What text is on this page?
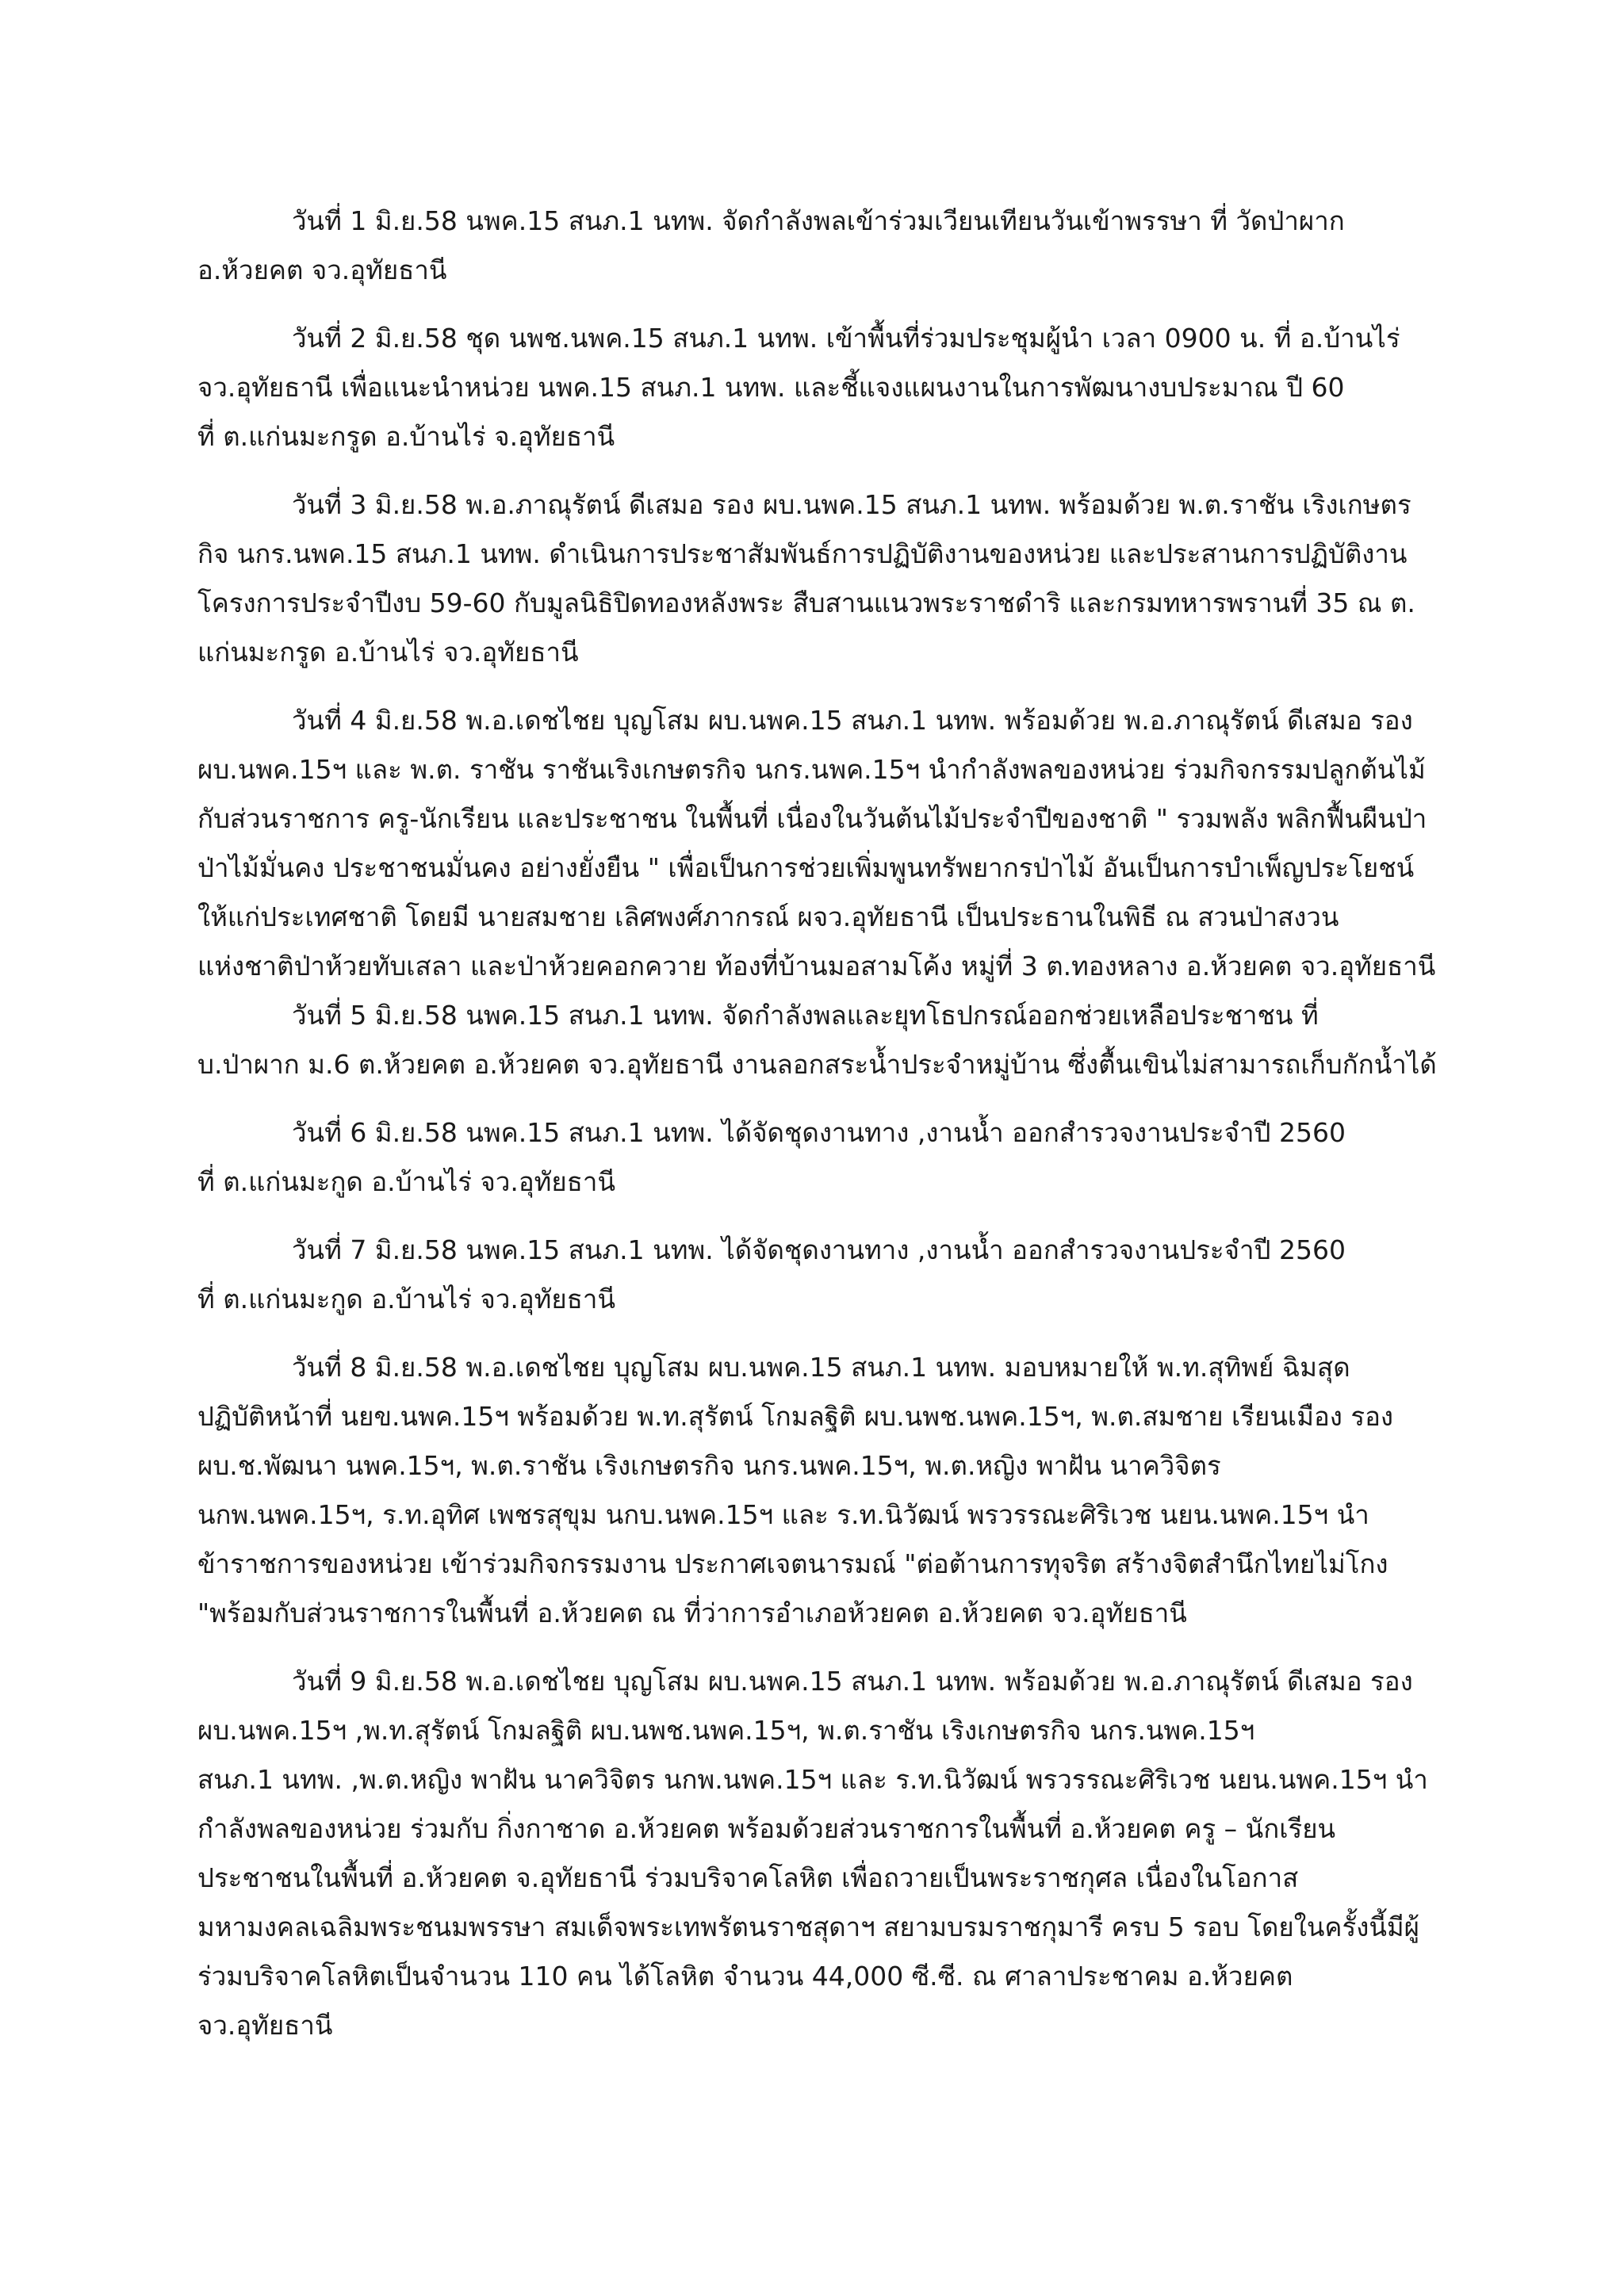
วันที่ 1 มิ.ย.58 นพค.15 สนภ.1 นทพ. จัดกำลังพลเข้าร่วมเวียนเทียนวันเข้าพรรษา ที่ วัดป่าผาก
อ.ห้วยคต จว.อุทัยธานี
วันที่ 2 มิ.ย.58 ชุด นพช.นพค.15 สนภ.1 นทพ. เข้าพื้นที่ร่วมประชุมผู้นำ เวลา 0900 น. ที่ อ.บ้านไร่
จว.อุทัยธานี เพื่อแนะนำหน่วย นพค.15 สนภ.1 นทพ. และชี้แจงแผนงานในการพัฒนางบประมาณ ปี 60
ที่ ต.แก่นมะกรูด อ.บ้านไร่ จ.อุทัยธานี
วันที่ 3 มิ.ย.58 พ.อ.ภาณุรัตน์ ดีเสมอ รอง ผบ.นพค.15 สนภ.1 นทพ. พร้อมด้วย พ.ต.ราชัน เริงเกษตร
กิจ นกร.นพค.15 สนภ.1 นทพ. ดำเนินการประชาสัมพันธ์การปฏิบัติงานของหน่วย และประสานการปฏิบัติงาน
โครงการประจำปีงบ 59-60 กับมูลนิธิปิดทองหลังพระ สืบสานแนวพระราชดำริ และกรมทหารพรานที่ 35 ณ ต.
แก่นมะกรูด อ.บ้านไร่ จว.อุทัยธานี
วันที่ 4 มิ.ย.58 พ.อ.เดชไชย บุญโสม ผบ.นพค.15 สนภ.1 นทพ. พร้อมด้วย พ.อ.ภาณุรัตน์ ดีเสมอ รอง
ผบ.นพค.15ฯ และ พ.ต. ราชัน ราชันเริงเกษตรกิจ นกร.นพค.15ฯ นำกำลังพลของหน่วย ร่วมกิจกรรมปลูกต้นไม้
กับส่วนราชการ ครู-นักเรียน และประชาชน ในพื้นที่ เนื่องในวันต้นไม้ประจำปีของชาติ " รวมพลัง พลิกฟื้นผืนป่า
ป่าไม้มั่นคง ประชาชนมั่นคง อย่างยั่งยืน " เพื่อเป็นการช่วยเพิ่มพูนทรัพยากรป่าไม้ อันเป็นการบำเพ็ญประโยชน์
ให้แก่ประเทศชาติ โดยมี นายสมชาย เลิศพงศ์ภากรณ์ ผจว.อุทัยธานี เป็นประธานในพิธี ณ สวนป่าสงวน
แห่งชาติป่าห้วยทับเสลา และป่าห้วยคอกควาย ท้องที่บ้านมอสามโค้ง หมู่ที่ 3 ต.ทองหลาง อ.ห้วยคต จว.อุทัยธานี
วันที่ 5 มิ.ย.58 นพค.15 สนภ.1 นทพ. จัดกำลังพลและยุทโธปกรณ์ออกช่วยเหลือประชาชน ที่
บ.ป่าผาก ม.6 ต.ห้วยคต อ.ห้วยคต จว.อุทัยธานี งานลอกสระน้ำประจำหมู่บ้าน ซึ่งตื้นเขินไม่สามารถเก็บกักน้ำได้
วันที่ 6 มิ.ย.58 นพค.15 สนภ.1 นทพ. ได้จัดชุดงานทาง ,งานน้ำ ออกสำรวจงานประจำปี 2560
ที่ ต.แก่นมะกูด อ.บ้านไร่ จว.อุทัยธานี
วันที่ 7 มิ.ย.58 นพค.15 สนภ.1 นทพ. ได้จัดชุดงานทาง ,งานน้ำ ออกสำรวจงานประจำปี 2560
ที่ ต.แก่นมะกูด อ.บ้านไร่ จว.อุทัยธานี
วันที่ 8 มิ.ย.58 พ.อ.เดชไชย บุญโสม ผบ.นพค.15 สนภ.1 นทพ. มอบหมายให้ พ.ท.สุทิพย์ ฉิมสุด
ปฏิบัติหน้าที่ นยข.นพค.15ฯ พร้อมด้วย พ.ท.สุรัตน์ โกมลฐิติ ผบ.นพช.นพค.15ฯ, พ.ต.สมชาย เรียนเมือง รอง
ผบ.ช.พัฒนา นพค.15ฯ, พ.ต.ราชัน เริงเกษตรกิจ นกร.นพค.15ฯ, พ.ต.หญิง พาฝัน นาควิจิตร
นกพ.นพค.15ฯ, ร.ท.อุทิศ เพชรสุขุม นกบ.นพค.15ฯ และ ร.ท.นิวัฒน์ พรวรรณะศิริเวช นยน.นพค.15ฯ นำ
ข้าราชการของหน่วย เข้าร่วมกิจกรรมงาน ประกาศเจตนารมณ์ "ต่อต้านการทุจริต สร้างจิตสำนึกไทยไม่โกง
"พร้อมกับส่วนราชการในพื้นที่ อ.ห้วยคต ณ ที่ว่าการอำเภอห้วยคต อ.ห้วยคต จว.อุทัยธานี
วันที่ 9 มิ.ย.58 พ.อ.เดชไชย บุญโสม ผบ.นพค.15 สนภ.1 นทพ. พร้อมด้วย พ.อ.ภาณุรัตน์ ดีเสมอ รอง
ผบ.นพค.15ฯ ,พ.ท.สุรัตน์ โกมลฐิติ ผบ.นพช.นพค.15ฯ, พ.ต.ราชัน เริงเกษตรกิจ นกร.นพค.15ฯ
สนภ.1 นทพ. ,พ.ต.หญิง พาฝัน นาควิจิตร นกพ.นพค.15ฯ และ ร.ท.นิวัฒน์ พรวรรณะศิริเวช นยน.นพค.15ฯ นำ
กำลังพลของหน่วย ร่วมกับ กิ่งกาชาด อ.ห้วยคต พร้อมด้วยส่วนราชการในพื้นที่ อ.ห้วยคต ครู – นักเรียน
ประชาชนในพื้นที่ อ.ห้วยคต จ.อุทัยธานี ร่วมบริจาคโลหิต เพื่อถวายเป็นพระราชกุศล เนื่องในโอกาส
มหามงคลเฉลิมพระชนมพรรษา สมเด็จพระเทพรัตนราชสุดาฯ สยามบรมราชกุมารี ครบ 5 รอบ โดยในครั้งนี้มีผู้
ร่วมบริจาคโลหิตเป็นจำนวน 110 คน ได้โลหิต จำนวน 44,000 ซี.ซี. ณ ศาลาประชาคม อ.ห้วยคต
จว.อุทัยธานี
